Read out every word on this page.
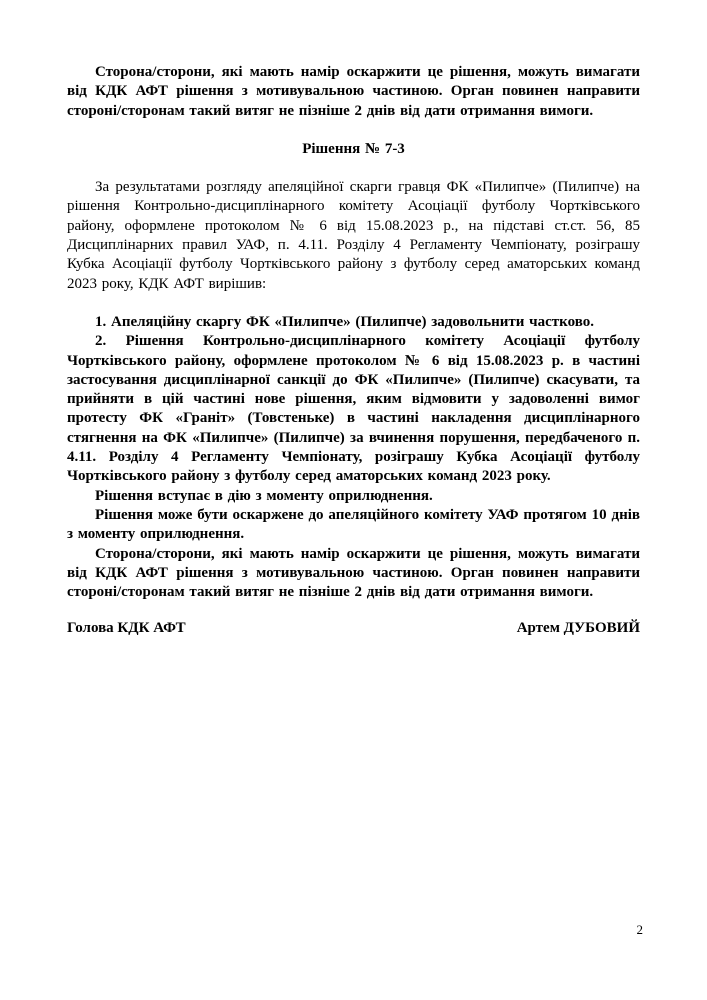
Сторона/сторони, які мають намір оскаржити це рішення, можуть вимагати від КДК АФТ рішення з мотивувальною частиною. Орган повинен направити стороні/сторонам такий витяг не пізніше 2 днів від дати отримання вимоги.

Рішення № 7-3

За результатами розгляду апеляційної скарги гравця ФК «Пилипче» (Пилипче) на рішення Контрольно-дисциплінарного комітету Асоціації футболу Чортківського району, оформлене протоколом № 6 від 15.08.2023 р., на підставі ст.ст. 56, 85 Дисциплінарних правил УАФ, п. 4.11. Розділу 4 Регламенту Чемпіонату, розіграшу Кубка Асоціації футболу Чортківського району з футболу серед аматорських команд 2023 року, КДК АФТ вирішив:

1. Апеляційну скаргу ФК «Пилипче» (Пилипче) задовольнити частково.

2. Рішення Контрольно-дисциплінарного комітету Асоціації футболу Чортківського району, оформлене протоколом № 6 від 15.08.2023 р. в частині застосування дисциплінарної санкції до ФК «Пилипче» (Пилипче) скасувати, та прийняти в цій частині нове рішення, яким відмовити у задоволенні вимог протесту ФК «Граніт» (Товстеньке) в частині накладення дисциплінарного стягнення на ФК «Пилипче» (Пилипче) за вчинення порушення, передбаченого п. 4.11. Розділу 4 Регламенту Чемпіонату, розіграшу Кубка Асоціації футболу Чортківського району з футболу серед аматорських команд 2023 року.

Рішення вступає в дію з моменту оприлюднення.

Рішення може бути оскаржене до апеляційного комітету УАФ протягом 10 днів з моменту оприлюднення.

Сторона/сторони, які мають намір оскаржити це рішення, можуть вимагати від КДК АФТ рішення з мотивувальною частиною. Орган повинен направити стороні/сторонам такий витяг не пізніше 2 днів від дати отримання вимоги.

Голова КДК АФТ	Артем ДУБОВИЙ
2
